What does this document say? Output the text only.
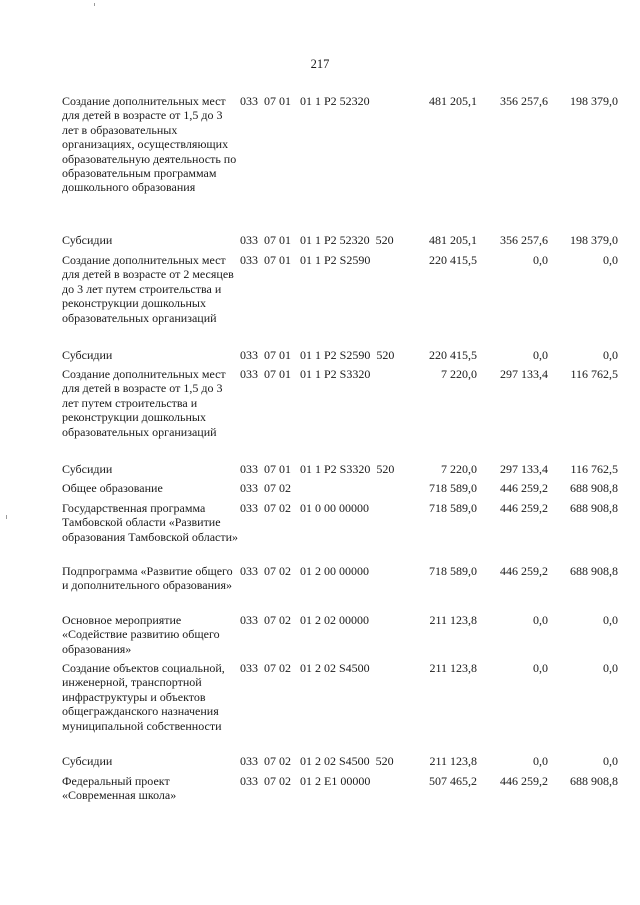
217
Создание дополнительных мест для детей в возрасте от 1,5 до 3 лет в образовательных организациях, осуществляющих образовательную деятельность по образовательным программам дошкольного образования
033  07 01   01 1 P2 52320	481 205,1	356 257,6	198 379,0
Субсидии	033  07 01   01 1 P2 52320  520	481 205,1	356 257,6	198 379,0
Создание дополнительных мест для детей в возрасте от 2 месяцев до 3 лет путем строительства и реконструкции дошкольных образовательных организаций
033  07 01   01 1 P2 S2590	220 415,5	0,0	0,0
Субсидии	033  07 01   01 1 P2 S2590  520	220 415,5	0,0	0,0
Создание дополнительных мест для детей в возрасте от 1,5 до 3 лет путем строительства и реконструкции дошкольных образовательных организаций
033  07 01   01 1 P2 S3320	7 220,0	297 133,4	116 762,5
Субсидии	033  07 01   01 1 P2 S3320  520	7 220,0	297 133,4	116 762,5
Общее образование	033  07 02	718 589,0	446 259,2	688 908,8
Государственная программа Тамбовской области «Развитие образования Тамбовской области»
033  07 02   01 0 00 00000	718 589,0	446 259,2	688 908,8
Подпрограмма «Развитие общего и дополнительного образования»
033  07 02   01 2 00 00000	718 589,0	446 259,2	688 908,8
Основное мероприятие «Содействие развитию общего образования»
033  07 02   01 2 02 00000	211 123,8	0,0	0,0
Создание объектов социальной, инженерной, транспортной инфраструктуры и объектов общегражданского назначения муниципальной собственности
033  07 02   01 2 02 S4500	211 123,8	0,0	0,0
Субсидии	033  07 02   01 2 02 S4500  520	211 123,8	0,0	0,0
Федеральный проект «Современная школа»
033  07 02   01 2 E1 00000	507 465,2	446 259,2	688 908,8
